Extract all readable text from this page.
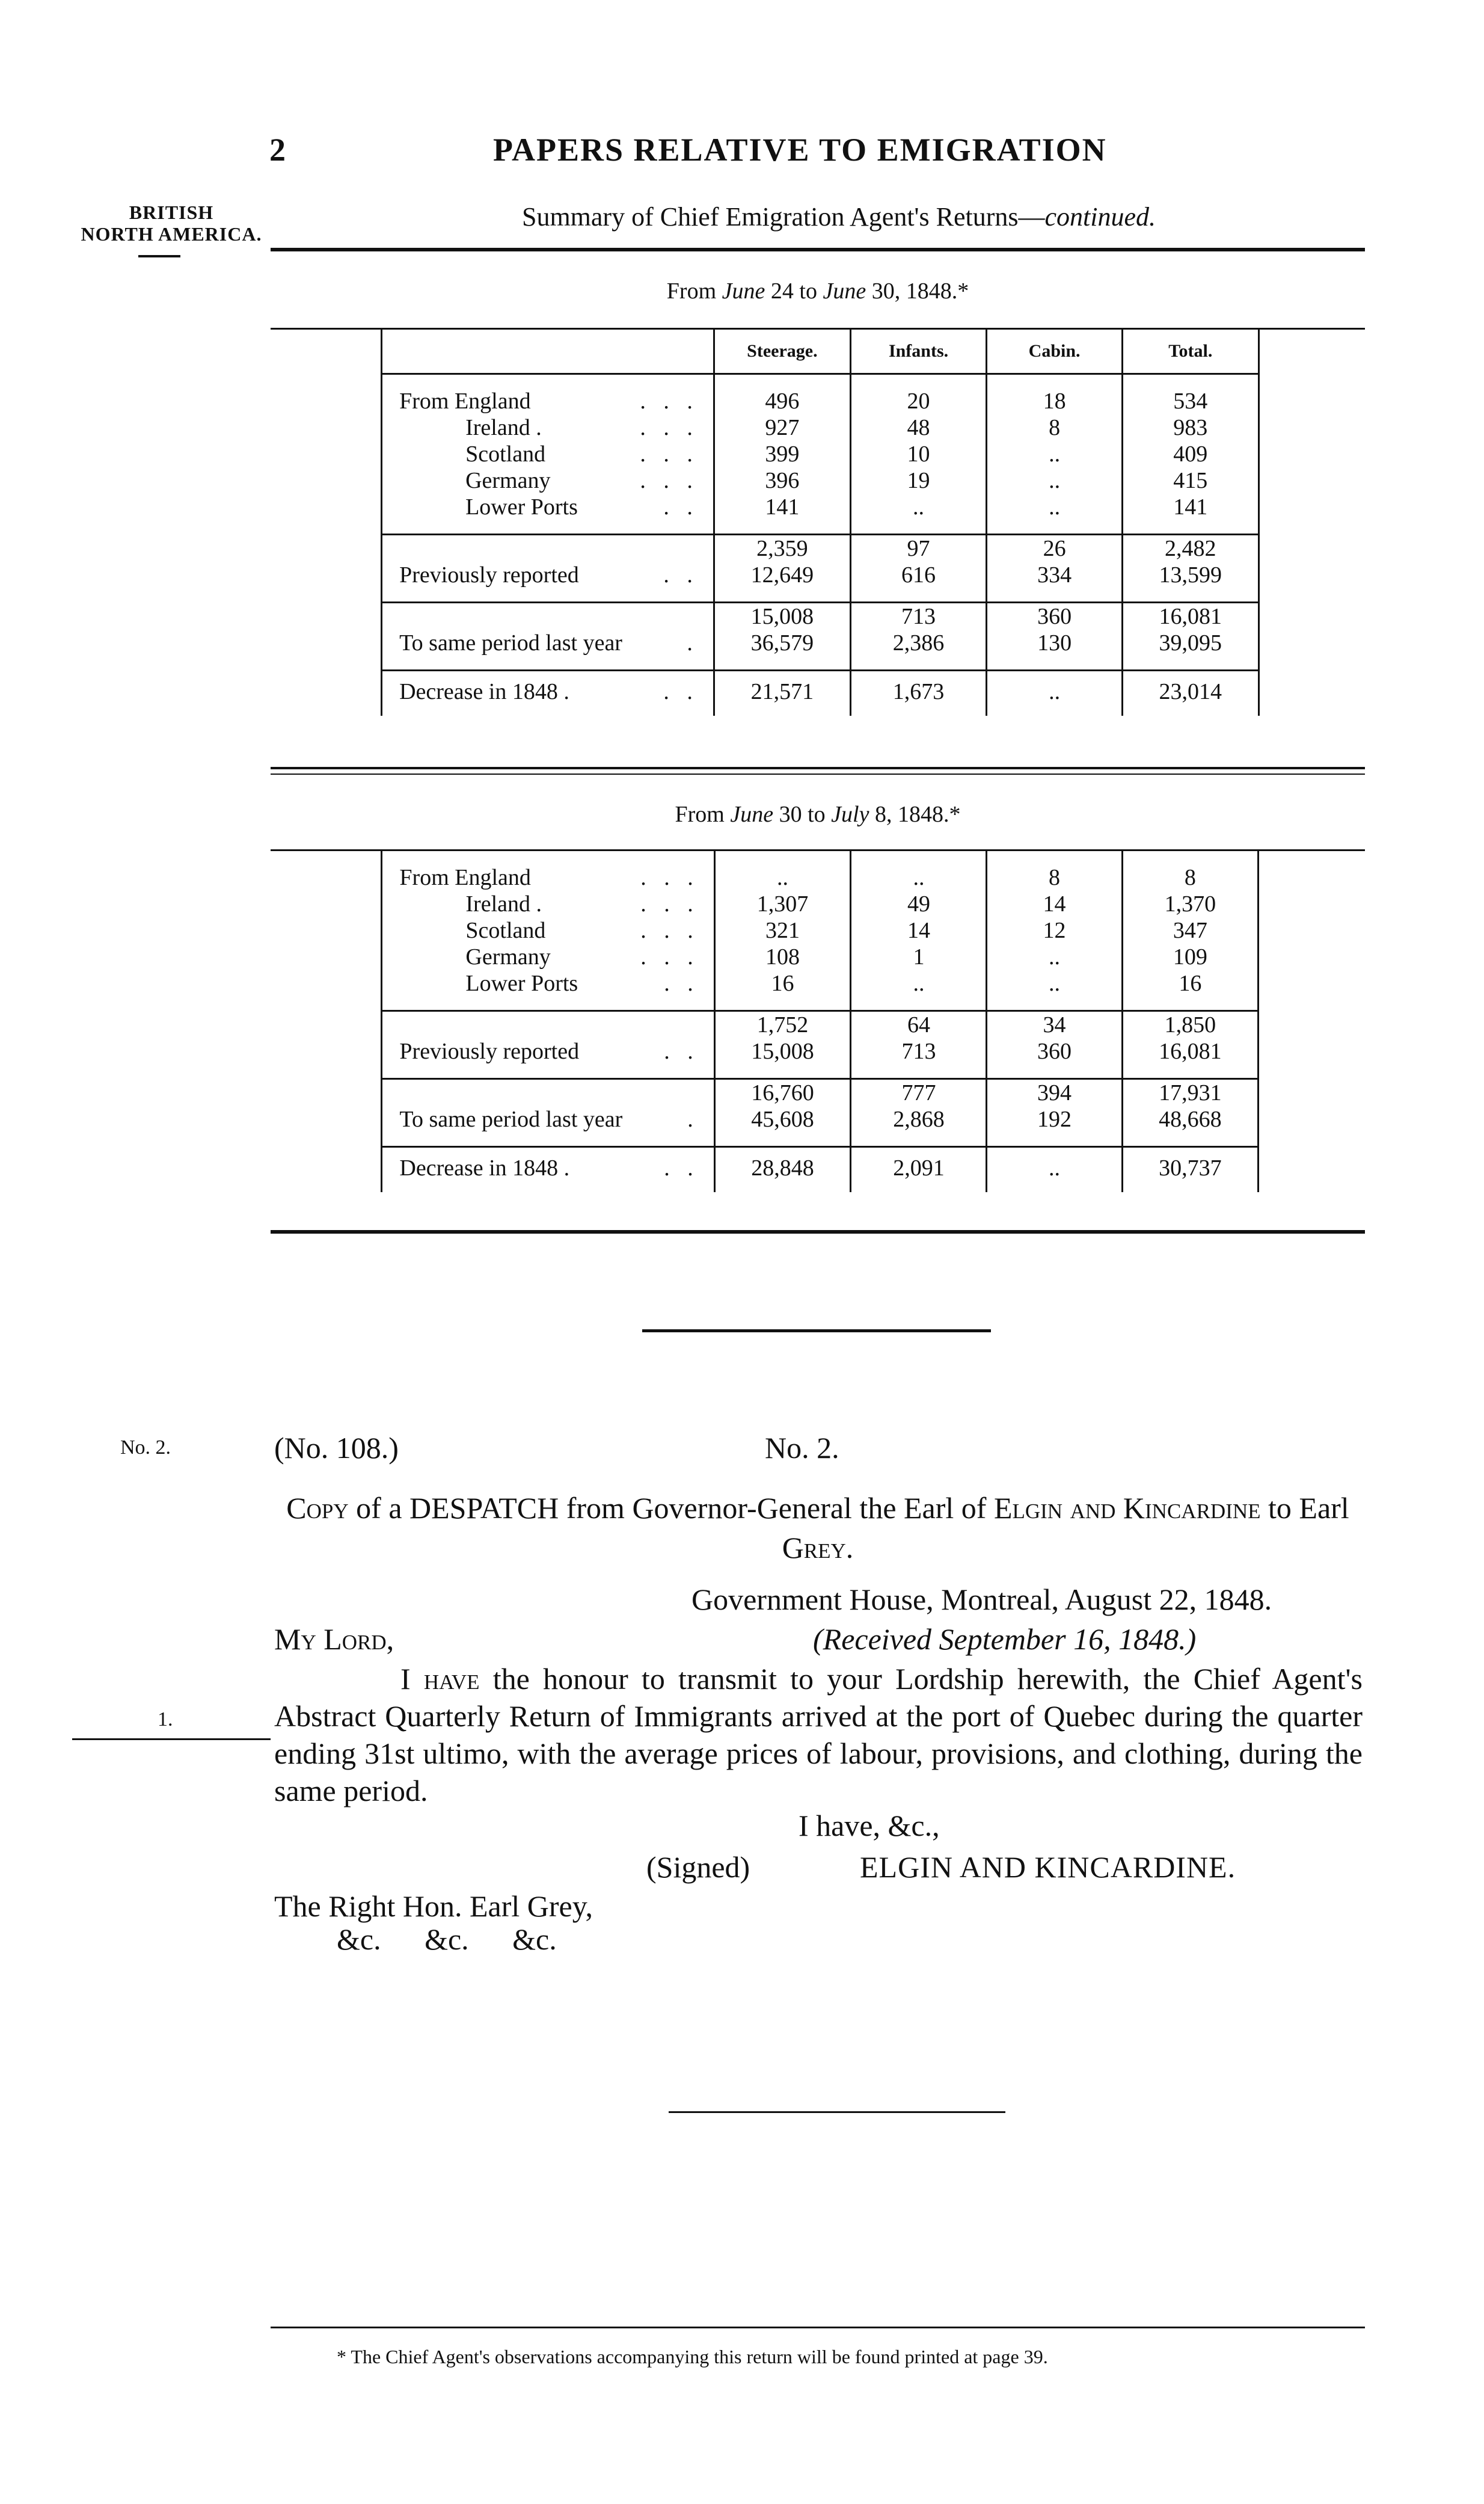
2	PAPERS RELATIVE TO EMIGRATION
BRITISH
NORTH AMERICA.
Summary of Chief Emigration Agent's Returns—continued.
From June 24 to June 30, 1848.*
		Steerage.	Infants.	Cabin.	Total.	

	From England . . .	496	20	18	534	
	Ireland . . . .	927	48	8	983	
	Scotland . . .	399	10	..	409	
	Germany . . .	396	19	..	415	
	Lower Ports . .	141	..	..	141	

		2,359	97	26	2,482	
	Previously reported . .	12,649	616	334	13,599	

		15,008	713	360	16,081	
	To same period last year .	36,579	2,386	130	39,095	

	Decrease in 1848 . . .	21,571	1,673	..	23,014	
From June 30 to July 8, 1848.*

	From England . . .	..	..	8	8	
	Ireland . . . .	1,307	49	14	1,370	
	Scotland . . .	321	14	12	347	
	Germany . . .	108	1	..	109	
	Lower Ports . .	16	..	..	16	

		1,752	64	34	1,850	
	Previously reported . .	15,008	713	360	16,081	

		16,760	777	394	17,931	
	To same period last year .	45,608	2,868	192	48,668	

	Decrease in 1848 . . .	28,848	2,091	..	30,737	
No. 2.	(No. 108.)	No. 2.
Copy of a DESPATCH from Governor-General the Earl of Elgin and Kincardine to Earl Grey.
Government House, Montreal, August 22, 1848.
My Lord,	(Received September 16, 1848.)
1.
I have the honour to transmit to your Lordship herewith, the Chief Agent's Abstract Quarterly Return of Immigrants arrived at the port of Quebec during the quarter ending 31st ultimo, with the average prices of labour, provisions, and clothing, during the same period.
I have, &c.,
(Signed)	ELGIN AND KINCARDINE.
The Right Hon. Earl Grey,
&c. &c. &c.
* The Chief Agent's observations accompanying this return will be found printed at page 39.
